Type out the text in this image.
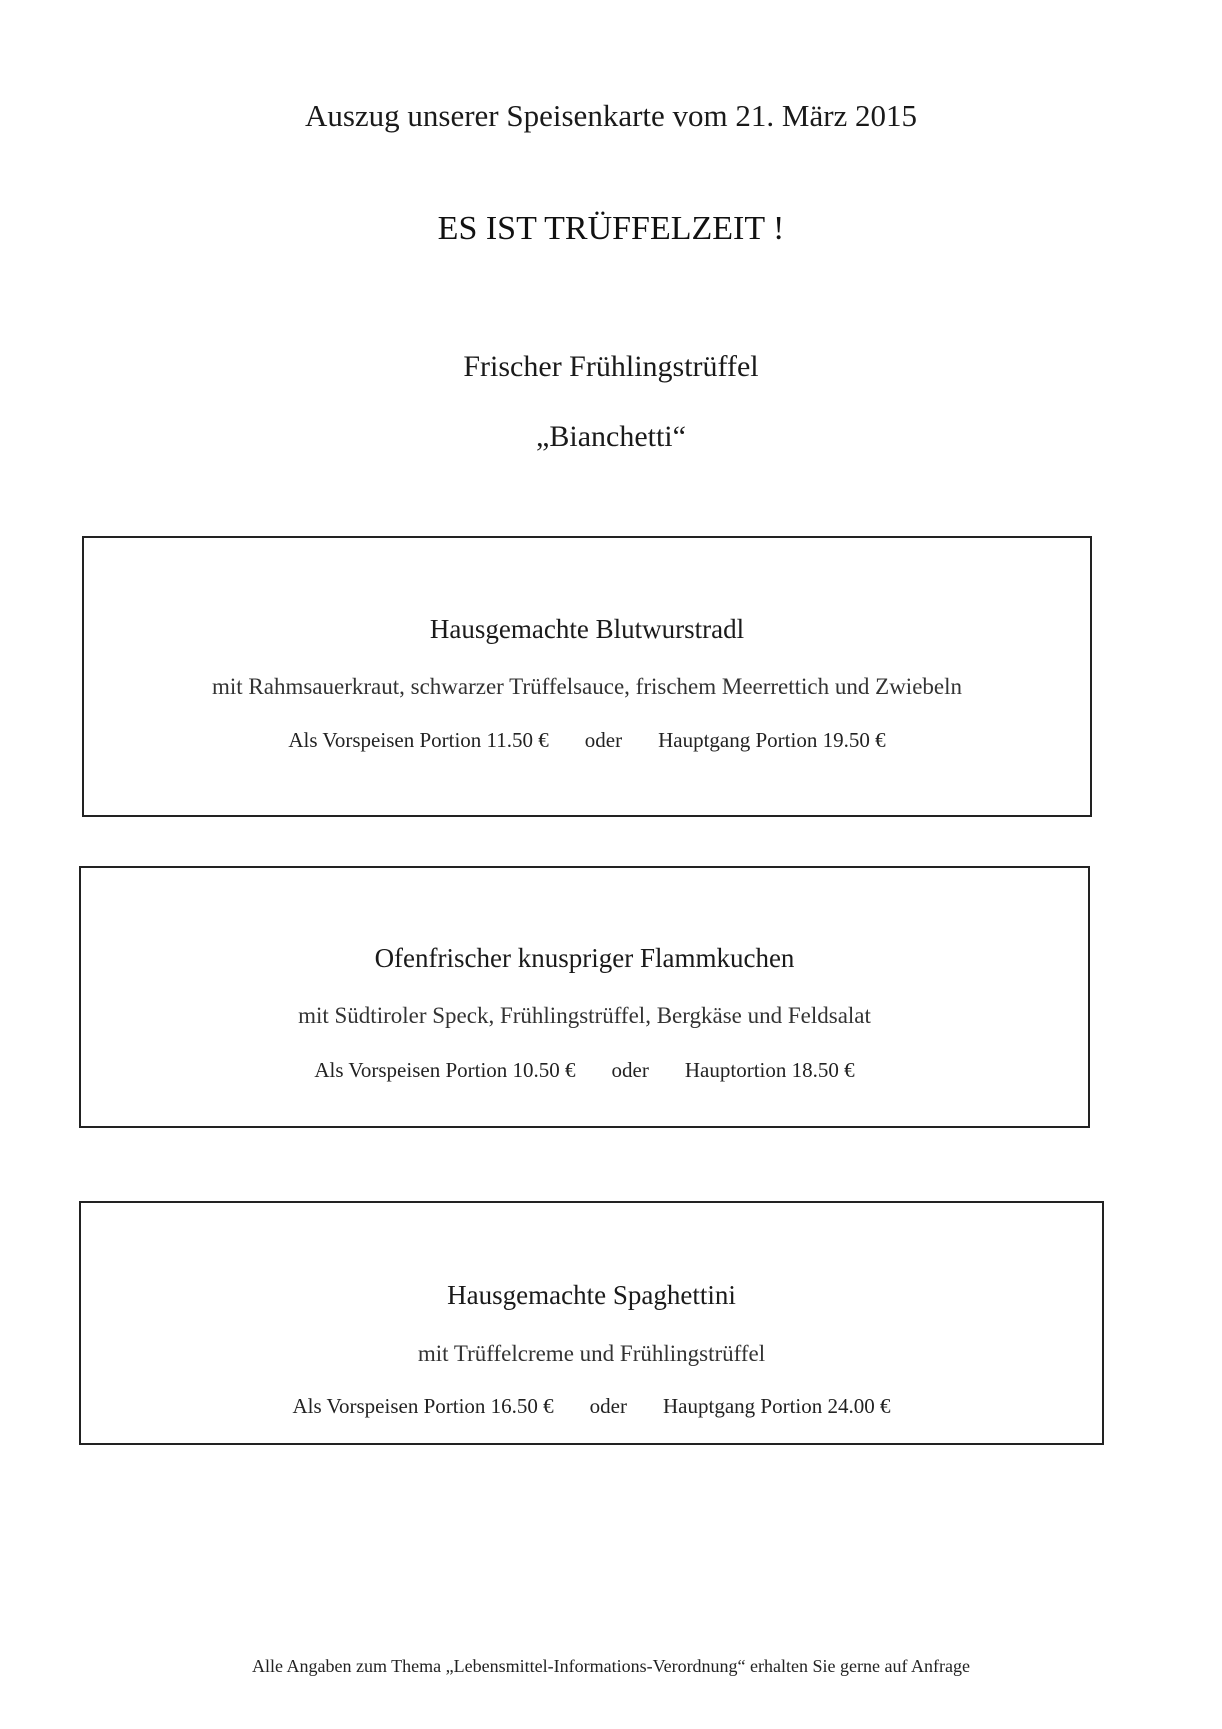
Auszug unserer Speisenkarte vom 21. März 2015
ES IST TRÜFFELZEIT !
Frischer Frühlingstrüffel
„Bianchetti“
Hausgemachte Blutwurstradl
mit Rahmsauerkraut, schwarzer Trüffelsauce, frischem Meerrettich und Zwiebeln
Als Vorspeisen Portion 11.50 € oder Hauptgang Portion 19.50 €
Ofenfrischer knuspriger Flammkuchen
mit Südtiroler Speck, Frühlingstrüffel, Bergkäse und Feldsalat
Als Vorspeisen Portion 10.50 € oder Hauptortion 18.50 €
Hausgemachte Spaghettini
mit Trüffelcreme und Frühlingstrüffel
Als Vorspeisen Portion 16.50 € oder Hauptgang Portion 24.00 €
Alle Angaben zum Thema „Lebensmittel-Informations-Verordnung“ erhalten Sie gerne auf Anfrage
